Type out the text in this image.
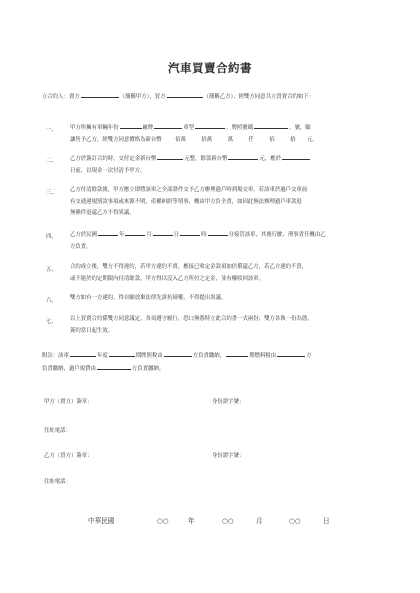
汽車買賣合約書
立合約人：賣方	（簡稱甲方）、買方	（簡稱乙方）、經雙方同意共立買賣合約如下：
一、 甲方所擁有車輛年份	廠牌	車型	，牌照號碼	，號，願
讓售予乙方，經雙方同意價格為新台幣 佰萬	拾萬	萬	仟	佰	拾 元。
二、 乙方於簽訂合約時，交付定金新台幣	元整，餘款新台幣	元，應於
日前，以現金一次付清予甲方。
三、 乙方付清餘款後，甲方應立即將該車之全部證件交予乙方辦理過戶時到場交車。若該車於過戶交車前
有交通違規罰款事項或來源不明，產權糾紛等情事，概由甲方負全責，如因此無法辦理過戶車款退
無條件退還乙方不得異議。
四、 乙方於民國	年	月	日	時	分接管該車，其後行駛、刑事責任概由乙
方負責。
五、 合約成立後，雙方不得違約，若甲方違約不賣，應接已收定金款項加倍償還乙方，若乙方違約不買，
或不能於約定期限內付清餘款，甲方得以沒入乙方所付之定金，並有權收回該車。
六、 雙方如有一方違約，得自願放棄法律先訴抗辯權，不得提出異議。
七、 以上買賣合約係雙方同意議定，各須遵守履行，恐口無憑特立此合約書一式兩份，雙方各執一份為憑，
簽約當日起生效。
附註：該車	年度	期牌照稅由	方負責繳納，	期燃料稅由	方
負責繳納，過戶規費由	方負責繳納。
甲方（賣方）簽章：	身份證字號：
住址電話：
乙方（買方）簽章：	身份證字號：
住址電話：
中華民國	○○	年	○○	月	○○	日
